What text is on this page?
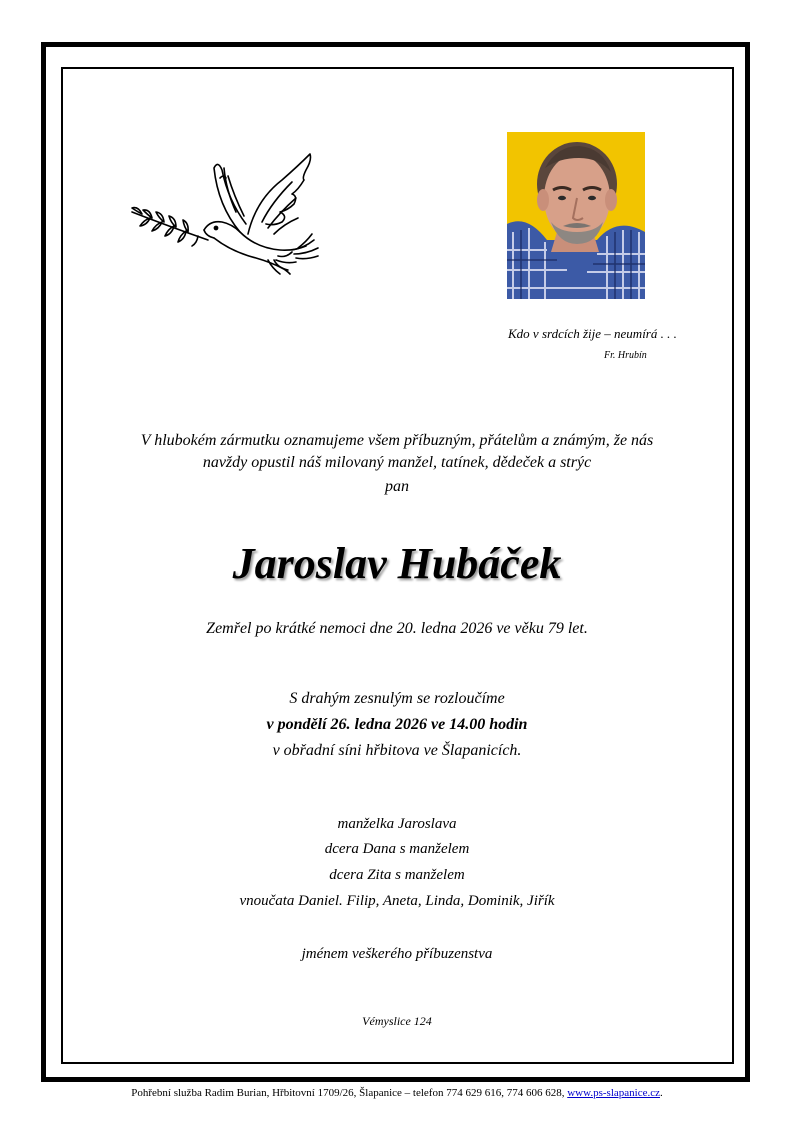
Kdo v srdcích žije – neumírá . . .
Fr. Hrubín
V hlubokém zármutku oznamujeme všem příbuzným, přátelům a známým, že nás
navždy opustil náš milovaný manžel, tatínek, dědeček a strýc
pan
Jaroslav Hubáček
Zemřel po krátké nemoci dne 20. ledna 2026 ve věku 79 let.
S drahým zesnulým se rozloučíme
v pondělí 26. ledna 2026 ve 14.00 hodin
v obřadní síni hřbitova ve Šlapanicích.
manželka Jaroslava
dcera Dana s manželem
dcera Zita s manželem
vnoučata Daniel. Filip, Aneta, Linda, Dominik, Jiřík
jménem veškerého příbuzenstva
Vémyslice 124
Pohřební služba Radim Burian, Hřbitovní 1709/26, Šlapanice – telefon 774 629 616, 774 606 628, www.ps-slapanice.cz.
